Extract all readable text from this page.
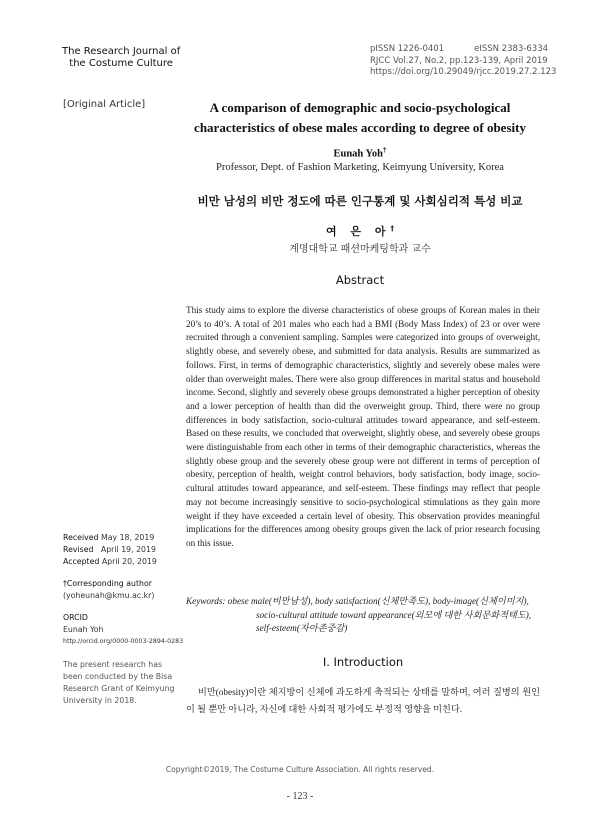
The Research Journal of
the Costume Culture
pISSN 1226-0401	eISSN 2383-6334
RJCC Vol.27, No.2, pp.123-139, April 2019
https://doi.org/10.29049/rjcc.2019.27.2.123
[Original Article]	A comparison of demographic and socio-psychological characteristics of obese males according to degree of obesity
Eunah Yoh†
Professor, Dept. of Fashion Marketing, Keimyung University, Korea
비만 남성의 비만 정도에 따른 인구통계 및 사회심리적 특성 비교
여 은 아†
계명대학교 패션마케팅학과 교수
Abstract
This study aims to explore the diverse characteristics of obese groups of Korean males in their 20’s to 40’s. A total of 201 males who each had a BMI (Body Mass Index) of 23 or over were recruited through a convenient sampling. Samples were categorized into groups of overweight, slightly obese, and severely obese, and submitted for data analysis. Results are summarized as follows. First, in terms of demographic characteristics, slightly and severely obese males were older than overweight males. There were also group differences in marital status and household income. Second, slightly and severely obese groups demonstrated a higher perception of obesity and a lower perception of health than did the overweight group. Third, there were no group differences in body satisfaction, socio-cultural attitudes toward appearance, and self-esteem. Based on these results, we concluded that overweight, slightly obese, and severely obese groups were distinguishable from each other in terms of their demographic characteristics, whereas the slightly obese group and the severely obese group were not different in terms of perception of obesity, perception of health, weight control behaviors, body satisfaction, body image, socio-cultural attitudes toward appearance, and self-esteem. These findings may reflect that people may not become increasingly sensitive to socio-psychological stimulations as they gain more weight if they have exceeded a certain level of obesity. This observation provides meaningful implications for the differences among obesity groups given the lack of prior research focusing on this issue.
Keywords: obese male(비만남성), body satisfaction(신체만족도), body-image(신체이미지), socio-cultural attitude toward appearance(외모에 대한 사회문화적태도), self-esteem(자아존중감)
Received May 18, 2019
Revised April 19, 2019
Accepted April 20, 2019
†Corresponding author
(yoheunah@kmu.ac.kr)
ORCID
Eunah Yoh
http://orcid.org/0000-0003-2894-0283
The present research has been conducted by the Bisa Research Grant of Keimyung University in 2018.
I. Introduction
비만(obesity)이란 체지방이 신체에 과도하게 축적되는 상태를 말하며, 여러 질병의 원인이 될 뿐만 아니라, 자신에 대한 사회적 평가에도 부정적 영향을 미친다.
Copyright©2019, The Costume Culture Association. All rights reserved.
- 123 -
